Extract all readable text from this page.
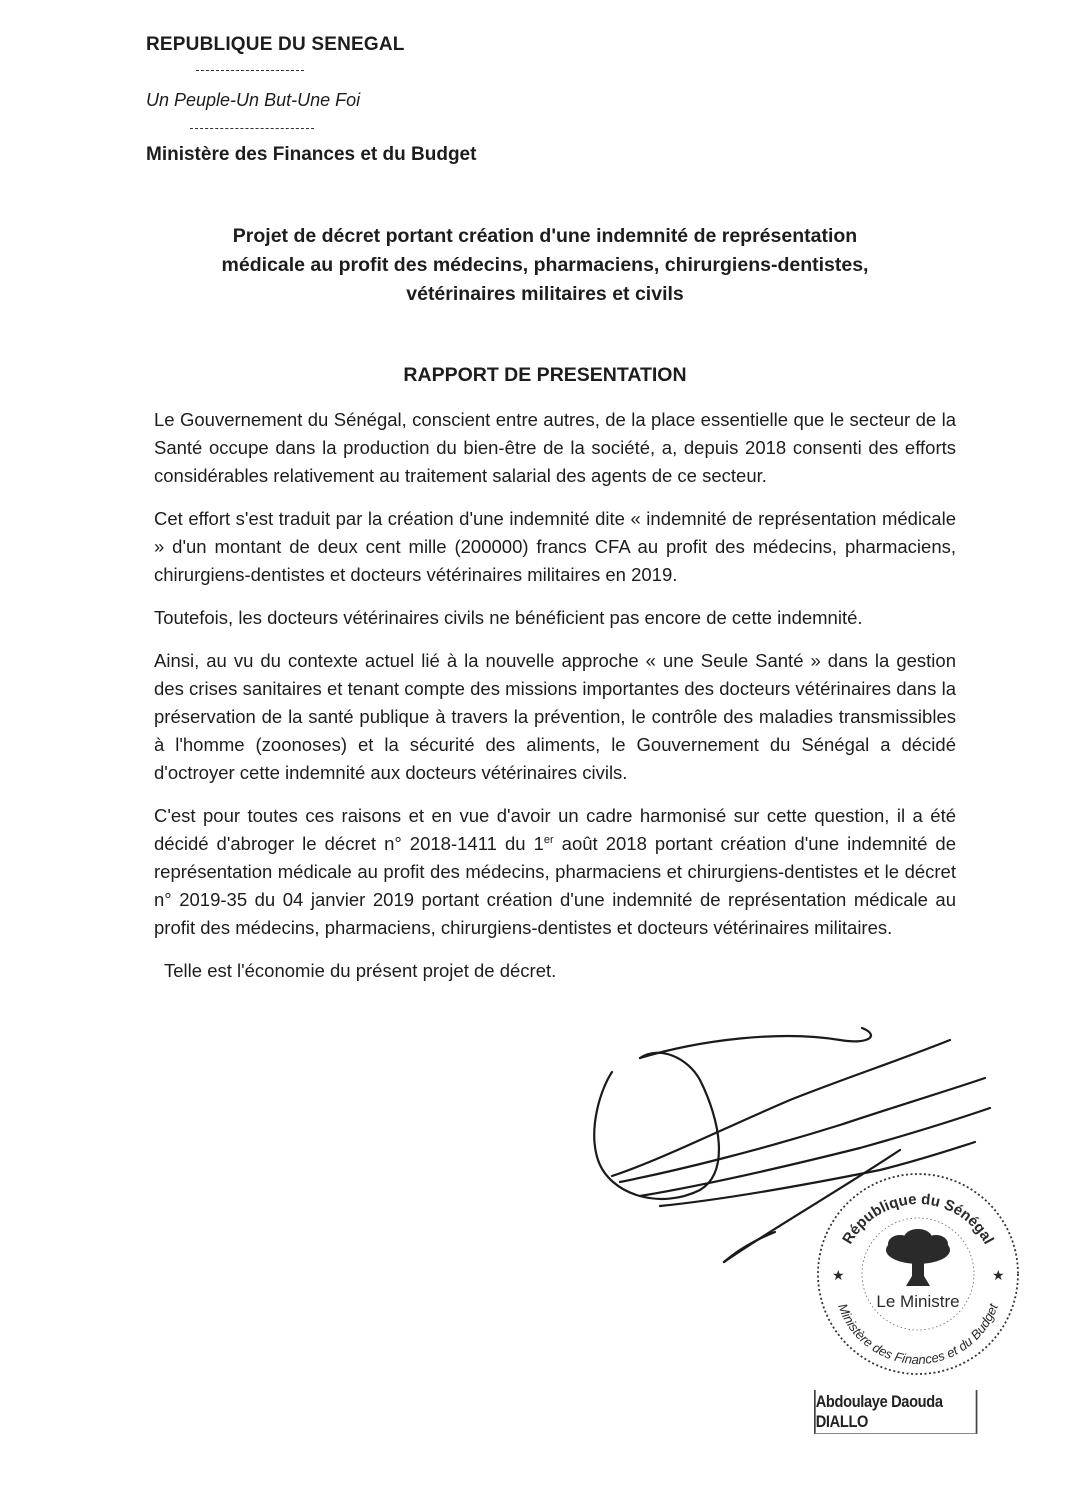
REPUBLIQUE DU SENEGAL
Un Peuple-Un But-Une Foi
Ministère des Finances et du Budget
Projet de décret portant création d'une indemnité de représentation
médicale au profit des médecins, pharmaciens, chirurgiens-dentistes,
vétérinaires militaires et civils
RAPPORT DE PRESENTATION

Le Gouvernement du Sénégal, conscient entre autres, de la place essentielle que le secteur de la Santé occupe dans la production du bien-être de la société, a, depuis 2018 consenti des efforts considérables relativement au traitement salarial des agents de ce secteur.

Cet effort s'est traduit par la création d'une indemnité dite « indemnité de représentation médicale » d'un montant de deux cent mille (200000) francs CFA au profit des médecins, pharmaciens, chirurgiens-dentistes et docteurs vétérinaires militaires en 2019.

Toutefois, les docteurs vétérinaires civils ne bénéficient pas encore de cette indemnité.

Ainsi, au vu du contexte actuel lié à la nouvelle approche « une Seule Santé » dans la gestion des crises sanitaires et tenant compte des missions importantes des docteurs vétérinaires dans la préservation de la santé publique à travers la prévention, le contrôle des maladies transmissibles à l'homme (zoonoses) et la sécurité des aliments, le Gouvernement du Sénégal a décidé d'octroyer cette indemnité aux docteurs vétérinaires civils.

C'est pour toutes ces raisons et en vue d'avoir un cadre harmonisé sur cette question, il a été décidé d'abroger le décret n° 2018-1411 du 1er août 2018 portant création d'une indemnité de représentation médicale au profit des médecins, pharmaciens et chirurgiens-dentistes et le décret n° 2019-35 du 04 janvier 2019 portant création d'une indemnité de représentation médicale au profit des médecins, pharmaciens, chirurgiens-dentistes et docteurs vétérinaires militaires.

Telle est l'économie du présent projet de décret.

République du Sénégal
Ministère des Finances et du Budget
★	★
Le Ministre
Abdoulaye Daouda DIALLO
